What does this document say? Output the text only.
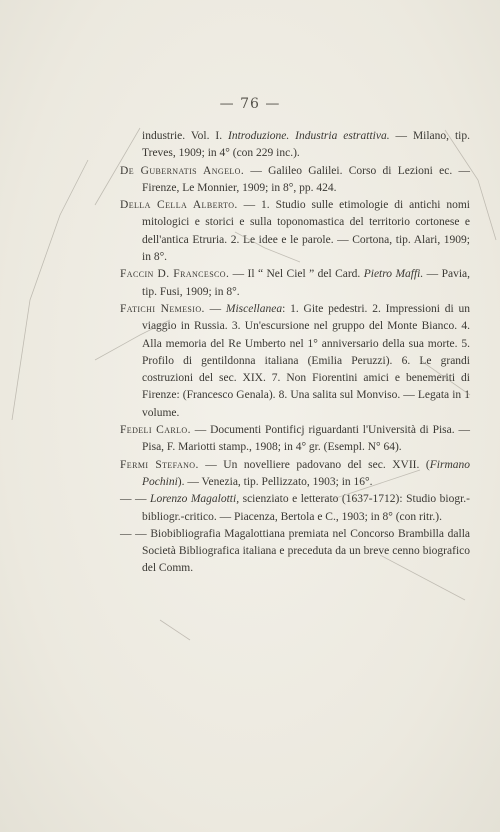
— 76 —

industrie. Vol. I. Introduzione. Industria estrattiva. — Milano, tip. Treves, 1909; in 4° (con 229 inc.).

De Gubernatis Angelo. — Galileo Galilei. Corso di Lezioni ec. — Firenze, Le Monnier, 1909; in 8°, pp. 424.

Della Cella Alberto. — 1. Studio sulle etimologie di antichi nomi mitologici e storici e sulla toponomastica del territorio cortonese e dell'antica Etruria. 2. Le idee e le parole. — Cortona, tip. Alari, 1909; in 8°.

Faccin D. Francesco. — Il “ Nel Ciel ” del Card. Pietro Maffi. — Pavia, tip. Fusi, 1909; in 8°.

Fatichi Nemesio. — Miscellanea: 1. Gite pedestri. 2. Impressioni di un viaggio in Russia. 3. Un'escursione nel gruppo del Monte Bianco. 4. Alla memoria del Re Umberto nel 1° anniversario della sua morte. 5. Profilo di gentildonna italiana (Emilia Peruzzi). 6. Le grandi costruzioni del sec. XIX. 7. Non Fiorentini amici e benemeriti di Firenze: (Francesco Genala). 8. Una salita sul Monviso. — Legata in 1 volume.

Fedeli Carlo. — Documenti Pontificj riguardanti l'Università di Pisa. — Pisa, F. Mariotti stamp., 1908; in 4° gr. (Esempl. N° 64).

Fermi Stefano. — Un novelliere padovano del sec. XVII. (Firmano Pochini). — Venezia, tip. Pellizzato, 1903; in 16°.

— — Lorenzo Magalotti, scienziato e letterato (1637-1712): Studio biogr.-bibliogr.-critico. — Piacenza, Bertola e C., 1903; in 8° (con ritr.).

— — Biobibliografia Magalottiana premiata nel Concorso Brambilla dalla Società Bibliografica italiana e preceduta da un breve cenno biografico del Comm.
